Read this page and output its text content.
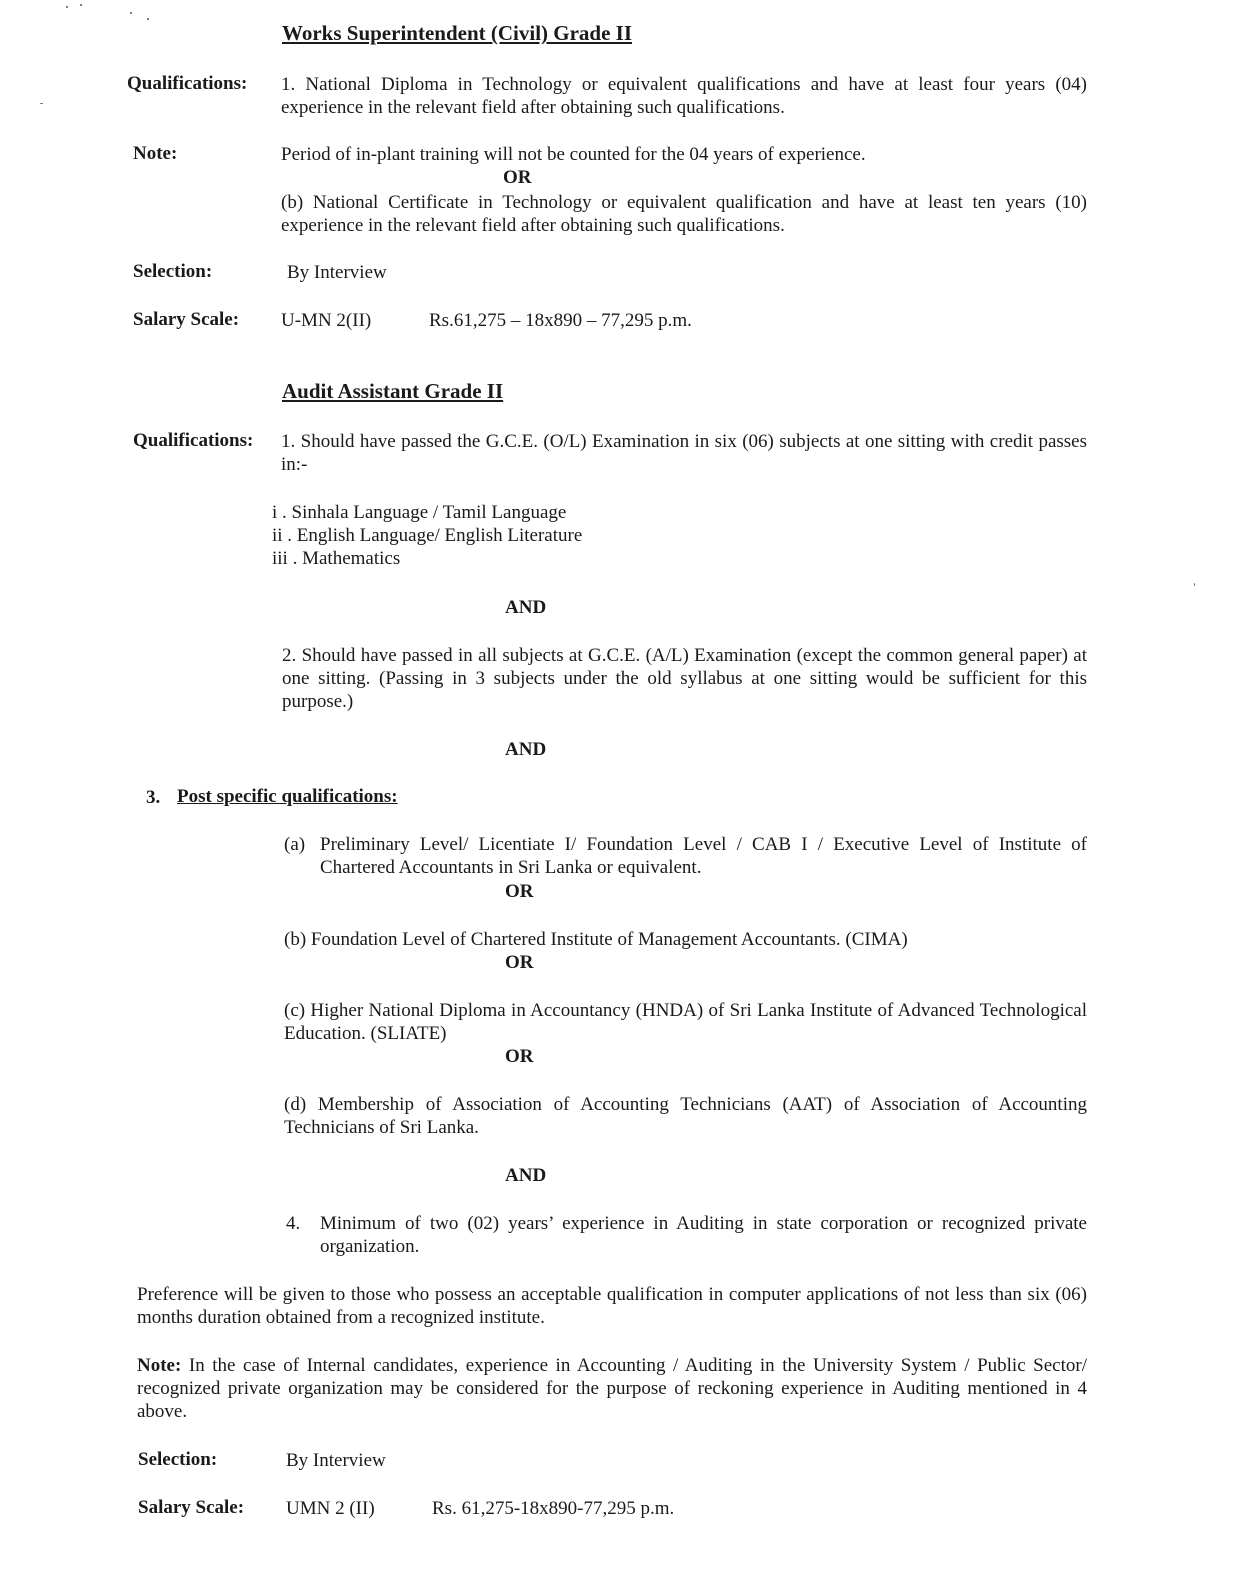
Works Superintendent (Civil) Grade II
Qualifications: 1. National Diploma in Technology or equivalent qualifications and have at least four years (04) experience in the relevant field after obtaining such qualifications.
Note:	Period of in-plant training will not be counted for the 04 years of experience.
OR
(b) National Certificate in Technology or equivalent qualification and have at least ten years (10) experience in the relevant field after obtaining such qualifications.
Selection:	By Interview
Salary Scale: U-MN 2(II)	Rs.61,275 – 18x890 – 77,295 p.m.
Audit Assistant Grade II
Qualifications: 1. Should have passed the G.C.E. (O/L) Examination in six (06) subjects at one sitting with credit passes in:-
i . Sinhala Language / Tamil Language
ii . English Language/ English Literature
iii . Mathematics
AND
2. Should have passed in all subjects at G.C.E. (A/L) Examination (except the common general paper) at one sitting. (Passing in 3 subjects under the old syllabus at one sitting would be sufficient for this purpose.)
AND
3. Post specific qualifications:
(a) Preliminary Level/ Licentiate I/ Foundation Level / CAB I / Executive Level of Institute of Chartered Accountants in Sri Lanka or equivalent.
OR
(b) Foundation Level of Chartered Institute of Management Accountants. (CIMA)
OR
(c) Higher National Diploma in Accountancy (HNDA) of Sri Lanka Institute of Advanced Technological Education. (SLIATE)
OR
(d) Membership of Association of Accounting Technicians (AAT) of Association of Accounting Technicians of Sri Lanka.
AND
4. Minimum of two (02) years’ experience in Auditing in state corporation or recognized private organization.
Preference will be given to those who possess an acceptable qualification in computer applications of not less than six (06) months duration obtained from a recognized institute.
Note: In the case of Internal candidates, experience in Accounting / Auditing in the University System / Public Sector/ recognized private organization may be considered for the purpose of reckoning experience in Auditing mentioned in 4 above.
Selection:	By Interview
Salary Scale: UMN 2 (II)	Rs. 61,275-18x890-77,295 p.m.
